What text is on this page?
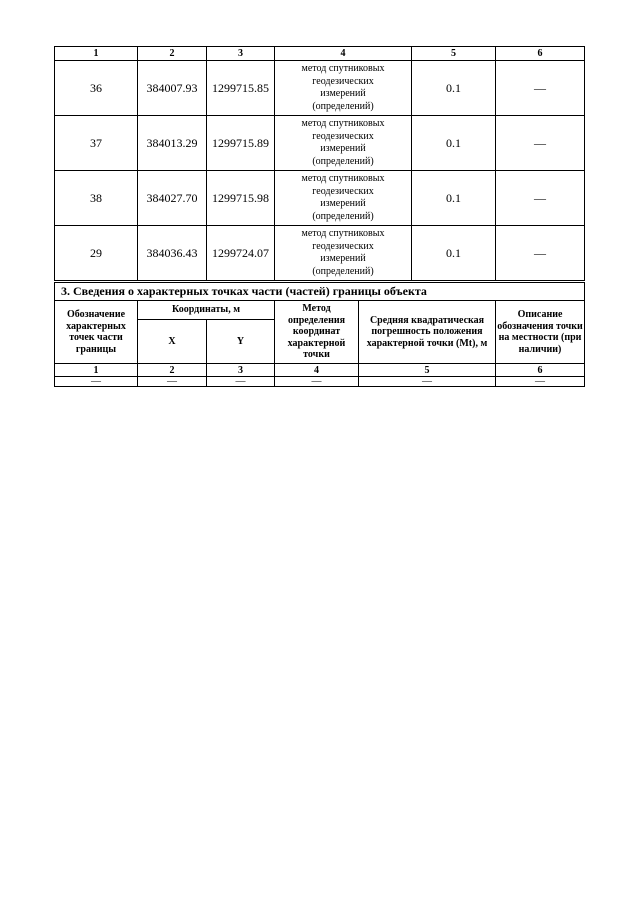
1	2	3	4	5	6
36	384007.93	1299715.85	метод спутниковых
геодезических
измерений
(определений)	0.1	—
37	384013.29	1299715.89	метод спутниковых
геодезических
измерений
(определений)	0.1	—
38	384027.70	1299715.98	метод спутниковых
геодезических
измерений
(определений)	0.1	—
29	384036.43	1299724.07	метод спутниковых
геодезических
измерений
(определений)	0.1	—
3. Сведения о характерных точках части (частей) границы объекта					
Обозначение характерных точек части границы	Координаты, м		Метод определения координат характерной точки	Средняя квадратическая погрешность положения характерной точки (Mt), м	Описание обозначения точки на местности (при наличии)
	X	Y			
1	2	3	4	5	6
—	—	—	—	—	—
